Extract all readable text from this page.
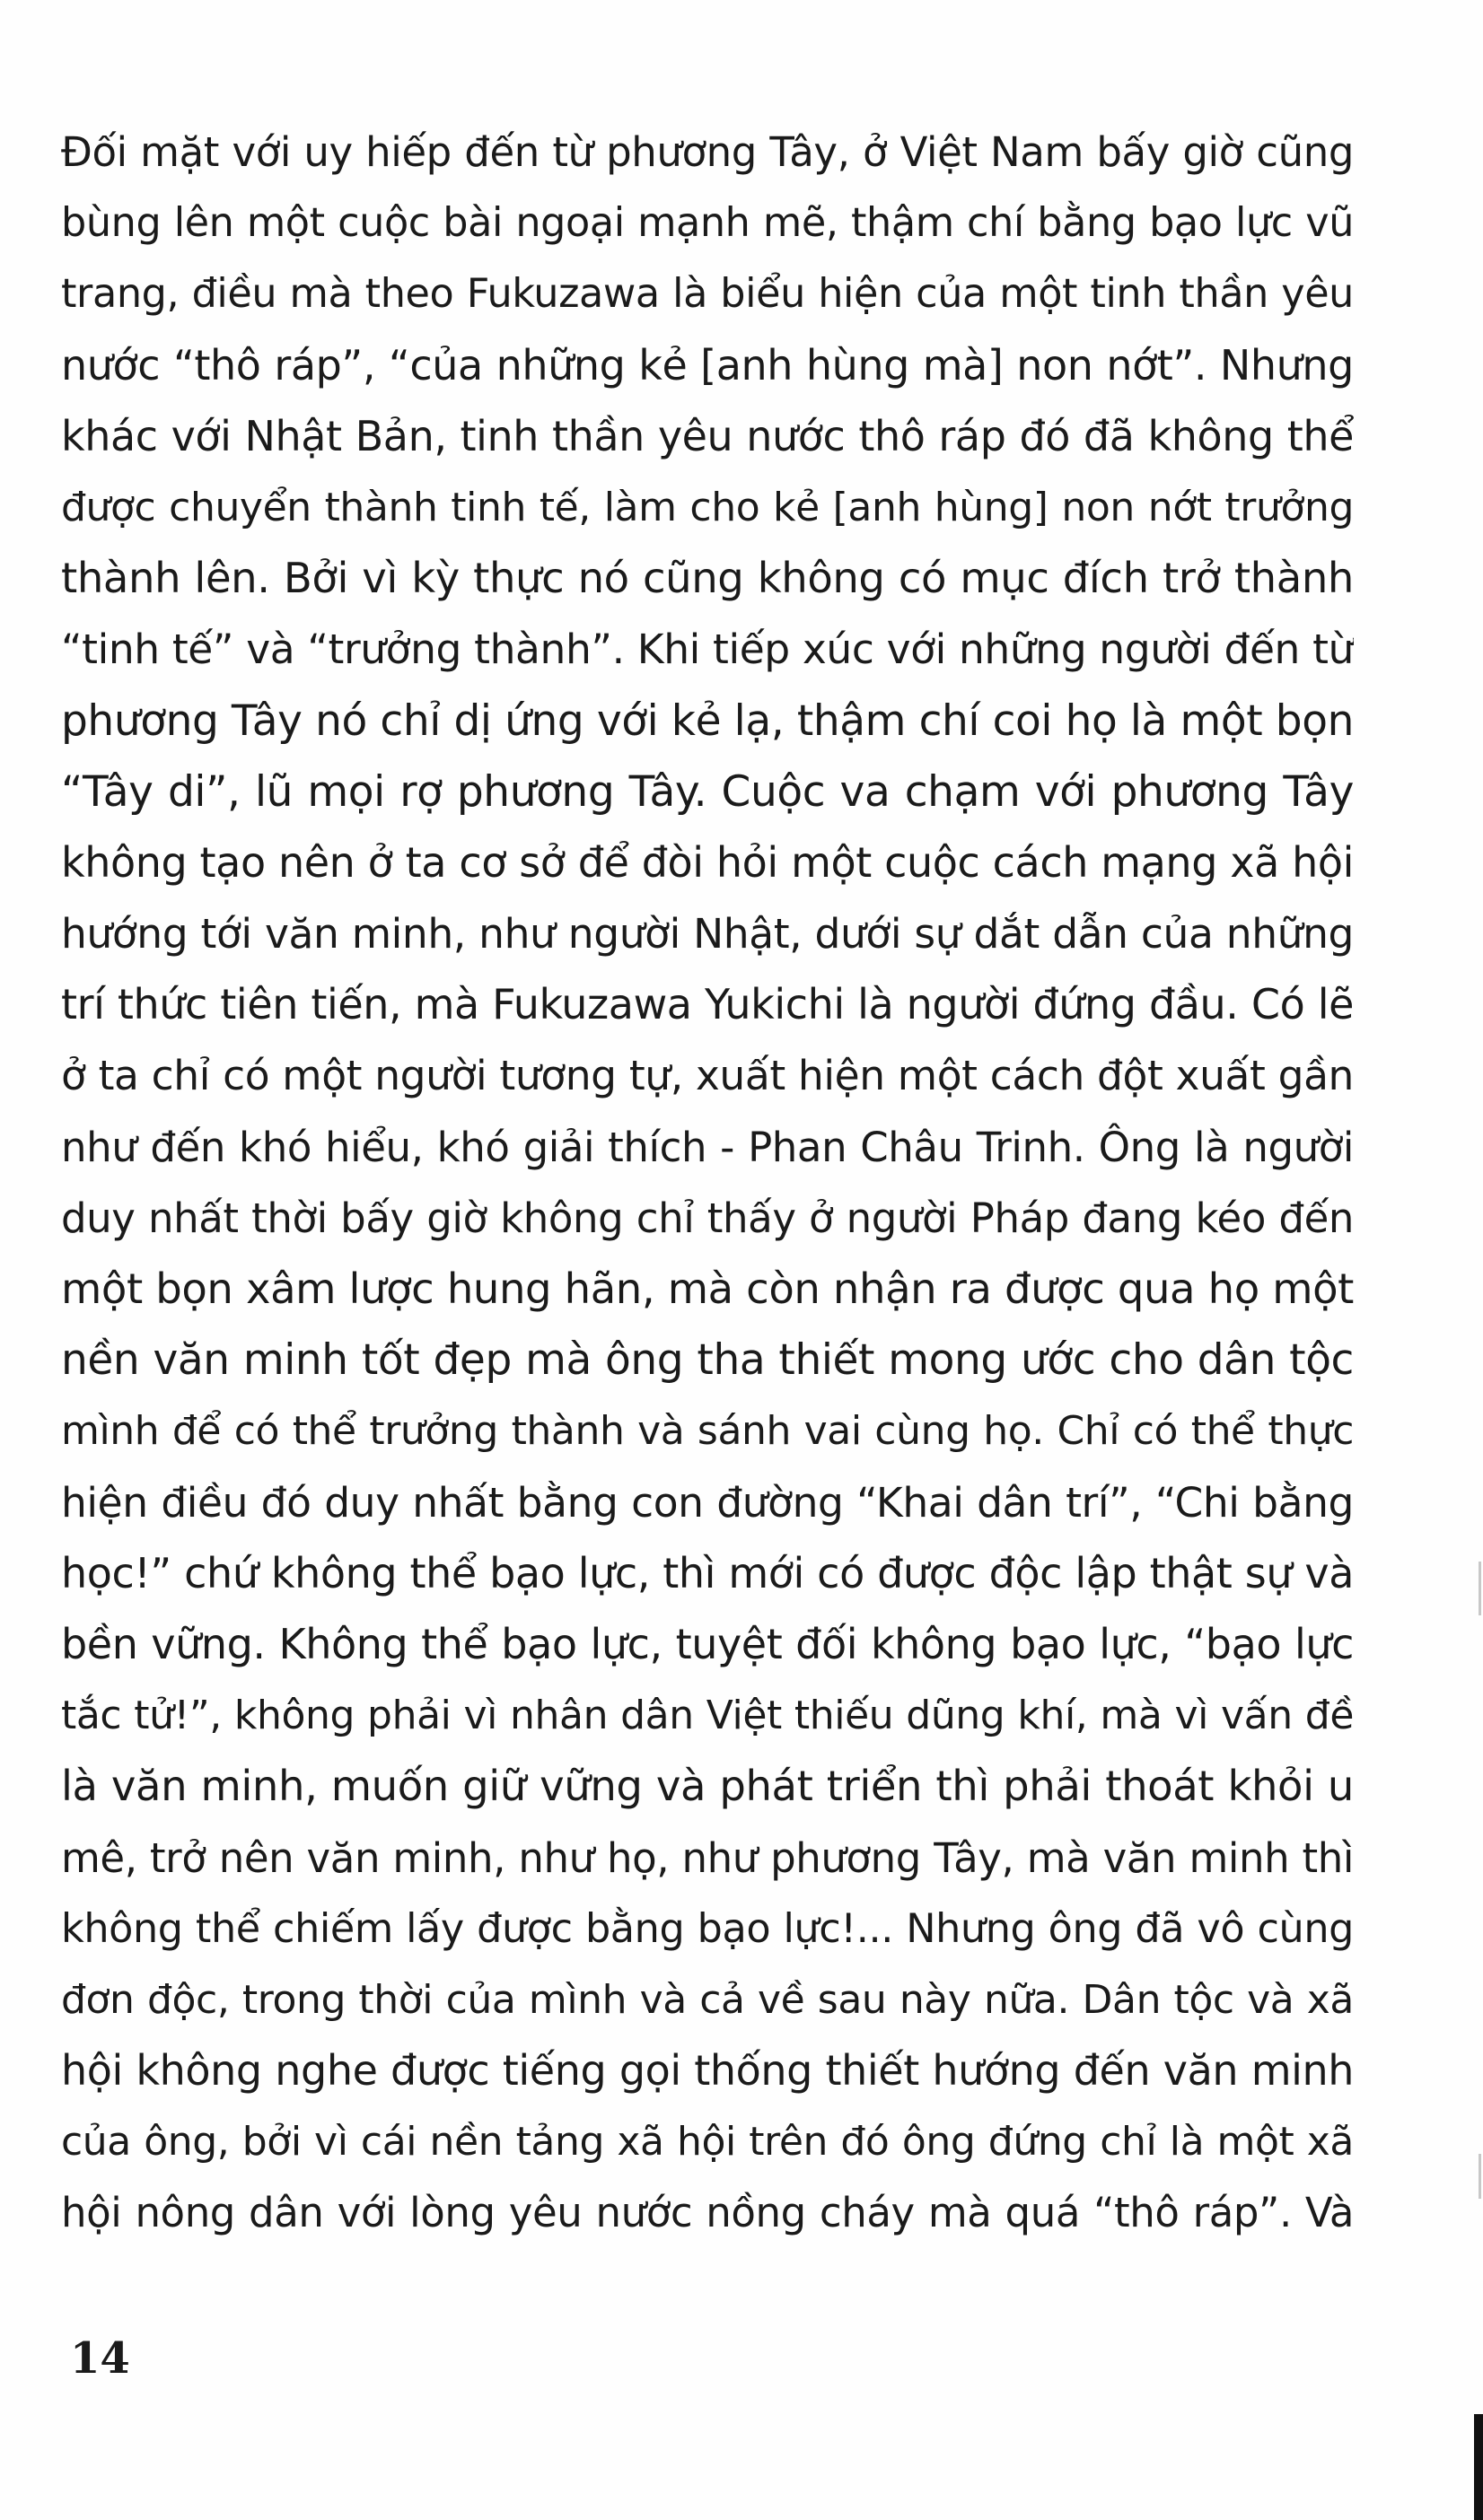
Đối mặt với uy hiếp đến từ phương Tây, ở Việt Nam bấy giờ cũng
bùng lên một cuộc bài ngoại mạnh mẽ, thậm chí bằng bạo lực vũ
trang, điều mà theo Fukuzawa là biểu hiện của một tinh thần yêu
nước “thô ráp”, “của những kẻ [anh hùng mà] non nớt”. Nhưng
khác với Nhật Bản, tinh thần yêu nước thô ráp đó đã không thể
được chuyển thành tinh tế, làm cho kẻ [anh hùng] non nớt trưởng
thành lên. Bởi vì kỳ thực nó cũng không có mục đích trở thành
“tinh tế” và “trưởng thành”. Khi tiếp xúc với những người đến từ
phương Tây nó chỉ dị ứng với kẻ lạ, thậm chí coi họ là một bọn
“Tây di”, lũ mọi rợ phương Tây. Cuộc va chạm với phương Tây
không tạo nên ở ta cơ sở để đòi hỏi một cuộc cách mạng xã hội
hướng tới văn minh, như người Nhật, dưới sự dắt dẫn của những
trí thức tiên tiến, mà Fukuzawa Yukichi là người đứng đầu. Có lẽ
ở ta chỉ có một người tương tự, xuất hiện một cách đột xuất gần
như đến khó hiểu, khó giải thích - Phan Châu Trinh. Ông là người
duy nhất thời bấy giờ không chỉ thấy ở người Pháp đang kéo đến
một bọn xâm lược hung hãn, mà còn nhận ra được qua họ một
nền văn minh tốt đẹp mà ông tha thiết mong ước cho dân tộc
mình để có thể trưởng thành và sánh vai cùng họ. Chỉ có thể thực
hiện điều đó duy nhất bằng con đường “Khai dân trí”, “Chi bằng
học!” chứ không thể bạo lực, thì mới có được độc lập thật sự và
bền vững. Không thể bạo lực, tuyệt đối không bạo lực, “bạo lực
tắc tử!”, không phải vì nhân dân Việt thiếu dũng khí, mà vì vấn đề
là văn minh, muốn giữ vững và phát triển thì phải thoát khỏi u
mê, trở nên văn minh, như họ, như phương Tây, mà văn minh thì
không thể chiếm lấy được bằng bạo lực!... Nhưng ông đã vô cùng
đơn độc, trong thời của mình và cả về sau này nữa. Dân tộc và xã
hội không nghe được tiếng gọi thống thiết hướng đến văn minh
của ông, bởi vì cái nền tảng xã hội trên đó ông đứng chỉ là một xã
hội nông dân với lòng yêu nước nồng cháy mà quá “thô ráp”. Và
14
